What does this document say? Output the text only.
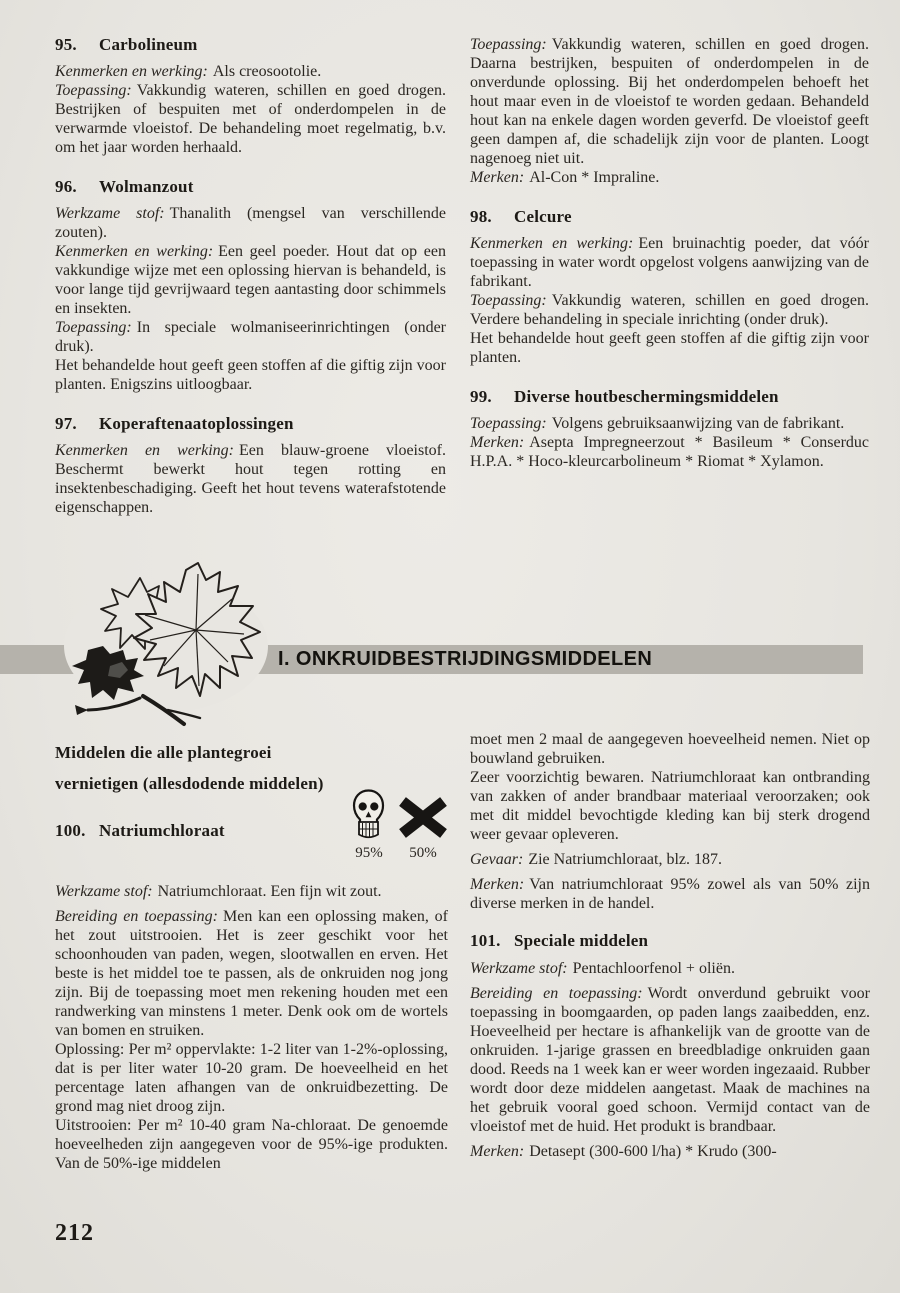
95. Carbolineum

Kenmerken en werking: Als creosootolie.

Toepassing: Vakkundig wateren, schillen en goed drogen. Bestrijken of bespuiten met of onderdompelen in de verwarmde vloeistof. De behandeling moet regelmatig, b.v. om het jaar worden herhaald.

96. Wolmanzout

Werkzame stof: Thanalith (mengsel van verschillende zouten).

Kenmerken en werking: Een geel poeder. Hout dat op een vakkundige wijze met een oplossing hiervan is behandeld, is voor lange tijd gevrijwaard tegen aantasting door schimmels en insekten.

Toepassing: In speciale wolmaniseerinrichtingen (onder druk).

Het behandelde hout geeft geen stoffen af die giftig zijn voor planten. Enigszins uitloogbaar.

97. Koperaftenaatoplossingen

Kenmerken en werking: Een blauw-groene vloeistof. Beschermt bewerkt hout tegen rotting en insektenbeschadiging. Geeft het hout tevens waterafstotende eigenschappen.

Toepassing: Vakkundig wateren, schillen en goed drogen. Daarna bestrijken, bespuiten of onderdompelen in de onverdunde oplossing. Bij het onderdompelen behoeft het hout maar even in de vloeistof te worden gedaan. Behandeld hout kan na enkele dagen worden geverfd. De vloeistof geeft geen dampen af, die schadelijk zijn voor de planten. Loogt nagenoeg niet uit.

Merken: Al-Con * Impraline.

98. Celcure

Kenmerken en werking: Een bruinachtig poeder, dat vóór toepassing in water wordt opgelost volgens aanwijzing van de fabrikant.

Toepassing: Vakkundig wateren, schillen en goed drogen. Verdere behandeling in speciale inrichting (onder druk).

Het behandelde hout geeft geen stoffen af die giftig zijn voor planten.

99. Diverse houtbeschermingsmiddelen

Toepassing: Volgens gebruiksaanwijzing van de fabrikant.

Merken: Asepta Impregneerzout * Basileum * Conserduc H.P.A. * Hoco-kleurcarbolineum * Riomat * Xylamon.

I. ONKRUIDBESTRIJDINGSMIDDELEN
Middelen die alle plantegroei
vernietigen (allesdodende middelen)
100. Natriumchloraat
95%	50%

Werkzame stof: Natriumchloraat. Een fijn wit zout.

Bereiding en toepassing: Men kan een oplossing maken, of het zout uitstrooien. Het is zeer geschikt voor het schoonhouden van paden, wegen, slootwallen en erven. Het beste is het middel toe te passen, als de onkruiden nog jong zijn. Bij de toepassing moet men rekening houden met een randwerking van minstens 1 meter. Denk ook om de wortels van bomen en struiken.

Oplossing: Per m² oppervlakte: 1-2 liter van 1-2%-oplossing, dat is per liter water 10-20 gram. De hoeveelheid en het percentage laten afhangen van de onkruidbezetting. De grond mag niet droog zijn.

Uitstrooien: Per m² 10-40 gram Na-chloraat. De genoemde hoeveelheden zijn aangegeven voor de 95%-ige produkten. Van de 50%-ige middelen

moet men 2 maal de aangegeven hoeveelheid nemen. Niet op bouwland gebruiken.

Zeer voorzichtig bewaren. Natriumchloraat kan ontbranding van zakken of ander brandbaar materiaal veroorzaken; ook met dit middel bevochtigde kleding kan bij sterk drogend weer gevaar opleveren.

Gevaar: Zie Natriumchloraat, blz. 187.

Merken: Van natriumchloraat 95% zowel als van 50% zijn diverse merken in de handel.

101. Speciale middelen

Werkzame stof: Pentachloorfenol + oliën.

Bereiding en toepassing: Wordt onverdund gebruikt voor toepassing in boomgaarden, op paden langs zaaibedden, enz. Hoeveelheid per hectare is afhankelijk van de grootte van de onkruiden. 1-jarige grassen en breedbladige onkruiden gaan dood. Reeds na 1 week kan er weer worden ingezaaid. Rubber wordt door deze middelen aangetast. Maak de machines na het gebruik vooral goed schoon. Vermijd contact van de vloeistof met de huid. Het produkt is brandbaar.

Merken: Detasept (300-600 l/ha) * Krudo (300-

212
